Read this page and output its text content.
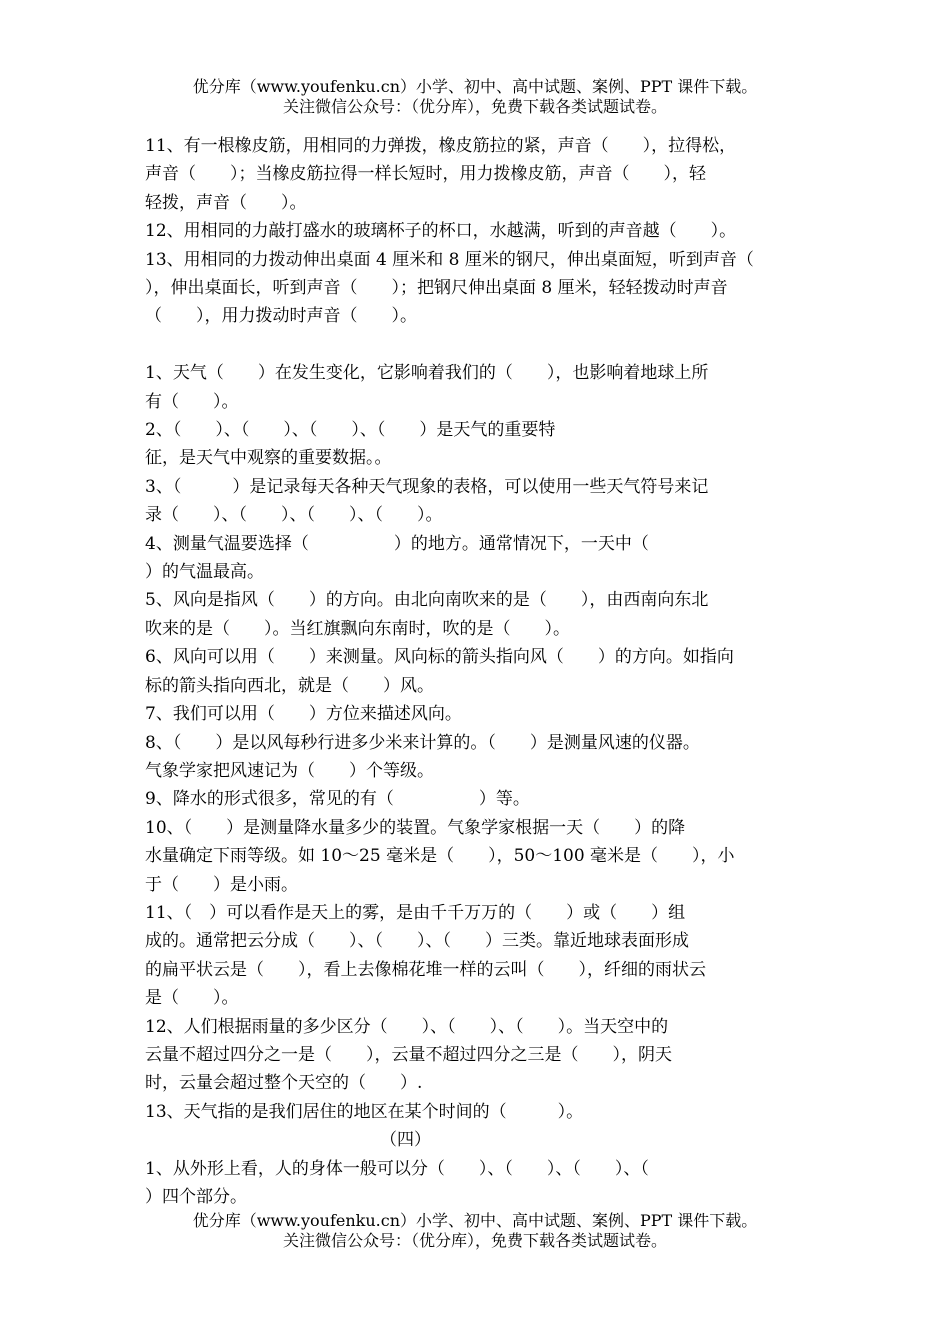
优分库（www.youfenku.cn）小学、初中、高中试题、案例、PPT 课件下载。
关注微信公众号：（优分库），免费下载各类试题试卷。

11、有一根橡皮筋，用相同的力弹拨，橡皮筋拉的紧，声音（　　），拉得松，

声音（　　）；当橡皮筋拉得一样长短时，用力拨橡皮筋，声音（　　），轻

轻拨，声音（　　）。

12、用相同的力敲打盛水的玻璃杯子的杯口，水越满，听到的声音越（　　）。

13、用相同的力拨动伸出桌面 4 厘米和 8 厘米的钢尺，伸出桌面短，听到声音（

），伸出桌面长，听到声音（　　）；把钢尺伸出桌面 8 厘米，轻轻拨动时声音

（　　），用力拨动时声音（　　）。

1、天气（　　）在发生变化，它影响着我们的（　　），也影响着地球上所

有（　　）。

2、（　　）、（　　）、（　　）、（　　）是天气的重要特

征，是天气中观察的重要数据。。

3、（　　　）是记录每天各种天气现象的表格，可以使用一些天气符号来记

录（　　）、（　　）、（　　）、（　　）。

4、测量气温要选择（　　　　　）的地方。通常情况下，一天中（

）的气温最高。

5、风向是指风（　　）的方向。由北向南吹来的是（　　），由西南向东北

吹来的是（　　）。当红旗飘向东南时，吹的是（　　）。

6、风向可以用（　　）来测量。风向标的箭头指向风（　　）的方向。如指向

标的箭头指向西北，就是（　　）风。

7、我们可以用（　　）方位来描述风向。

8、（　　）是以风每秒行进多少米来计算的。（　　）是测量风速的仪器。

气象学家把风速记为（　　）个等级。

9、降水的形式很多，常见的有（　　　　　）等。

10、（　　）是测量降水量多少的装置。气象学家根据一天（　　）的降

水量确定下雨等级。如 10～25 毫米是（　　），50～100 毫米是（　　），小

于（　　）是小雨。

11、（　）可以看作是天上的雾，是由千千万万的（　　）或（　　）组

成的。通常把云分成（　　）、（　　）、（　　）三类。靠近地球表面形成

的扁平状云是（　　），看上去像棉花堆一样的云叫（　　），纤细的雨状云

是（　　）。

12、人们根据雨量的多少区分（　　）、（　　）、（　　）。当天空中的

云量不超过四分之一是（　　），云量不超过四分之三是（　　），阴天

时，云量会超过整个天空的（　　）.

13、天气指的是我们居住的地区在某个时间的（　　　）。

（四）

1、从外形上看，人的身体一般可以分（　　）、（　　）、（　　）、（

）四个部分。

优分库（www.youfenku.cn）小学、初中、高中试题、案例、PPT 课件下载。
关注微信公众号：（优分库），免费下载各类试题试卷。
